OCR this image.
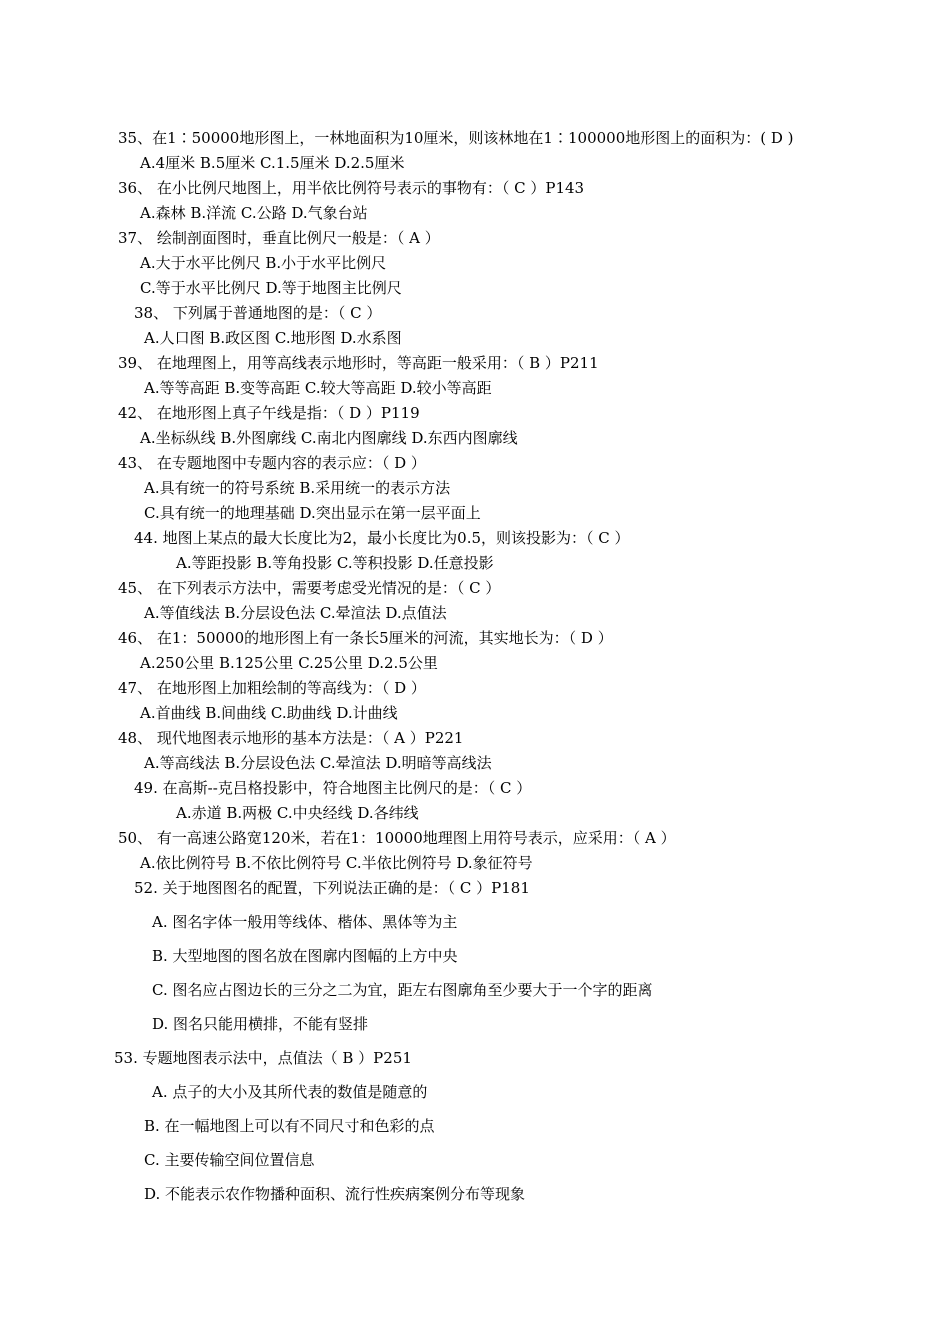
35、在1∶50000地形图上，一林地面积为10厘米，则该林地在1∶100000地形图上的面积为：( D )
A.4厘米 B.5厘米 C.1.5厘米 D.2.5厘米
36、 在小比例尺地图上，用半依比例符号表示的事物有：（ C ）P143
A.森林 B.洋流 C.公路 D.气象台站
37、 绘制剖面图时，垂直比例尺一般是：（ A ）
A.大于水平比例尺 B.小于水平比例尺
C.等于水平比例尺 D.等于地图主比例尺
38、 下列属于普通地图的是：（ C ）
A.人口图 B.政区图 C.地形图 D.水系图
39、 在地理图上，用等高线表示地形时，等高距一般采用：（ B ）P211
A.等等高距 B.变等高距 C.较大等高距 D.较小等高距
42、 在地形图上真子午线是指：（ D ）P119
A.坐标纵线 B.外图廓线 C.南北内图廓线 D.东西内图廓线
43、 在专题地图中专题内容的表示应：（ D ）
A.具有统一的符号系统 B.采用统一的表示方法
C.具有统一的地理基础 D.突出显示在第一层平面上
44. 地图上某点的最大长度比为2，最小长度比为0.5，则该投影为：（ C ）
A.等距投影 B.等角投影 C.等积投影 D.任意投影
45、 在下列表示方法中，需要考虑受光情况的是：（ C ）
A.等值线法 B.分层设色法 C.晕渲法 D.点值法
46、 在1：50000的地形图上有一条长5厘米的河流，其实地长为：（ D ）
A.250公里 B.125公里 C.25公里 D.2.5公里
47、 在地形图上加粗绘制的等高线为：（ D ）
A.首曲线 B.间曲线 C.助曲线 D.计曲线
48、 现代地图表示地形的基本方法是：（ A ）P221
A.等高线法 B.分层设色法 C.晕渲法 D.明暗等高线法
49. 在高斯--克吕格投影中，符合地图主比例尺的是：（ C ）
A.赤道 B.两极 C.中央经线 D.各纬线
50、 有一高速公路宽120米，若在1：10000地理图上用符号表示，应采用：（ A ）
A.依比例符号 B.不依比例符号 C.半依比例符号 D.象征符号
52. 关于地图图名的配置，下列说法正确的是：（ C ）P181
A. 图名字体一般用等线体、楷体、黑体等为主
B. 大型地图的图名放在图廓内图幅的上方中央
C. 图名应占图边长的三分之二为宜，距左右图廓角至少要大于一个字的距离
D. 图名只能用横排，不能有竖排
53. 专题地图表示法中，点值法（ B ）P251
A. 点子的大小及其所代表的数值是随意的
B. 在一幅地图上可以有不同尺寸和色彩的点
C. 主要传输空间位置信息
D. 不能表示农作物播种面积、流行性疾病案例分布等现象
